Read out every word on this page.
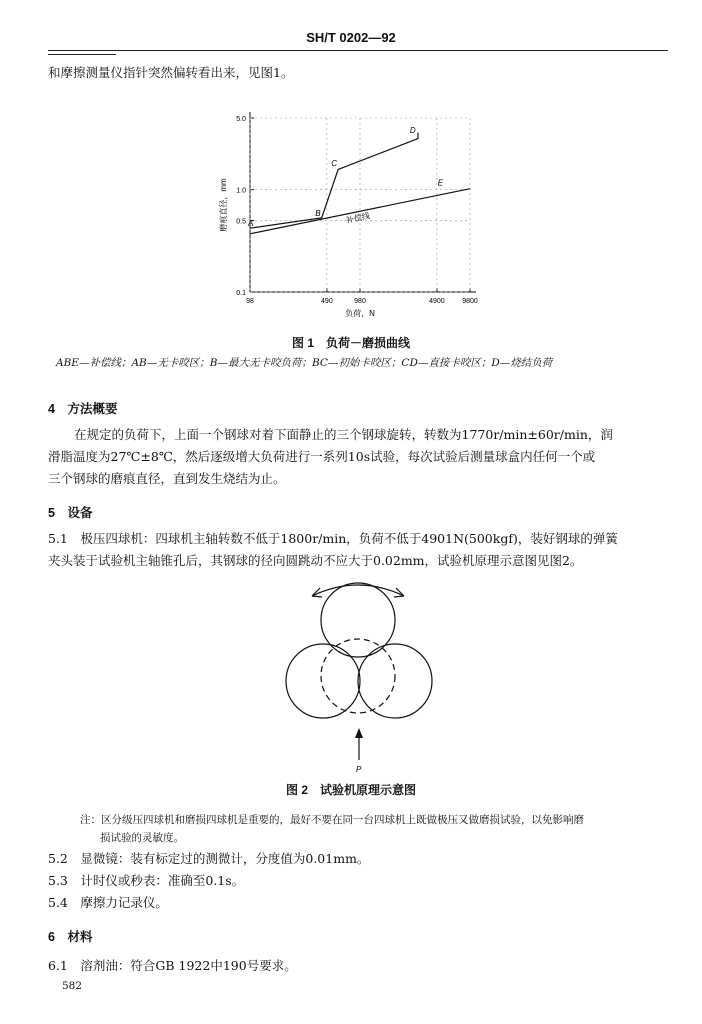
SH/T 0202—92
和摩擦测量仪指针突然偏转看出来，见图1。
0.1
0.5
1.0
5.0
98	490	980	4900	9800
负荷，N
磨痕直径，mm	A
B
C
D
E
补偿线
图 1　负荷－磨损曲线
ABE—补偿线；AB—无卡咬区；B—最大无卡咬负荷；BC—初始卡咬区；CD—直接卡咬区；D—烧结负荷
4　方法概要
在规定的负荷下，上面一个钢球对着下面静止的三个钢球旋转，转数为1770r/min±60r/min，润
滑脂温度为27℃±8℃，然后逐级增大负荷进行一系列10s试验，每次试验后测量球盒内任何一个或
三个钢球的磨痕直径，直到发生烧结为止。
5　设备
5.1　极压四球机：四球机主轴转数不低于1800r/min，负荷不低于4901N(500kgf)，装好钢球的弹簧
夹头装于试验机主轴锥孔后，其钢球的径向圆跳动不应大于0.02mm，试验机原理示意图见图2。
P
图 2　试验机原理示意图
注：区分级压四球机和磨损四球机是重要的，最好不要在同一台四球机上既做极压又做磨损试验，以免影响磨
损试验的灵敏度。
5.2　显微镜：装有标定过的测微计，分度值为0.01mm。
5.3　计时仪或秒表：准确至0.1s。
5.4　摩擦力记录仪。
6　材料
6.1　溶剂油：符合GB 1922中190号要求。
582
